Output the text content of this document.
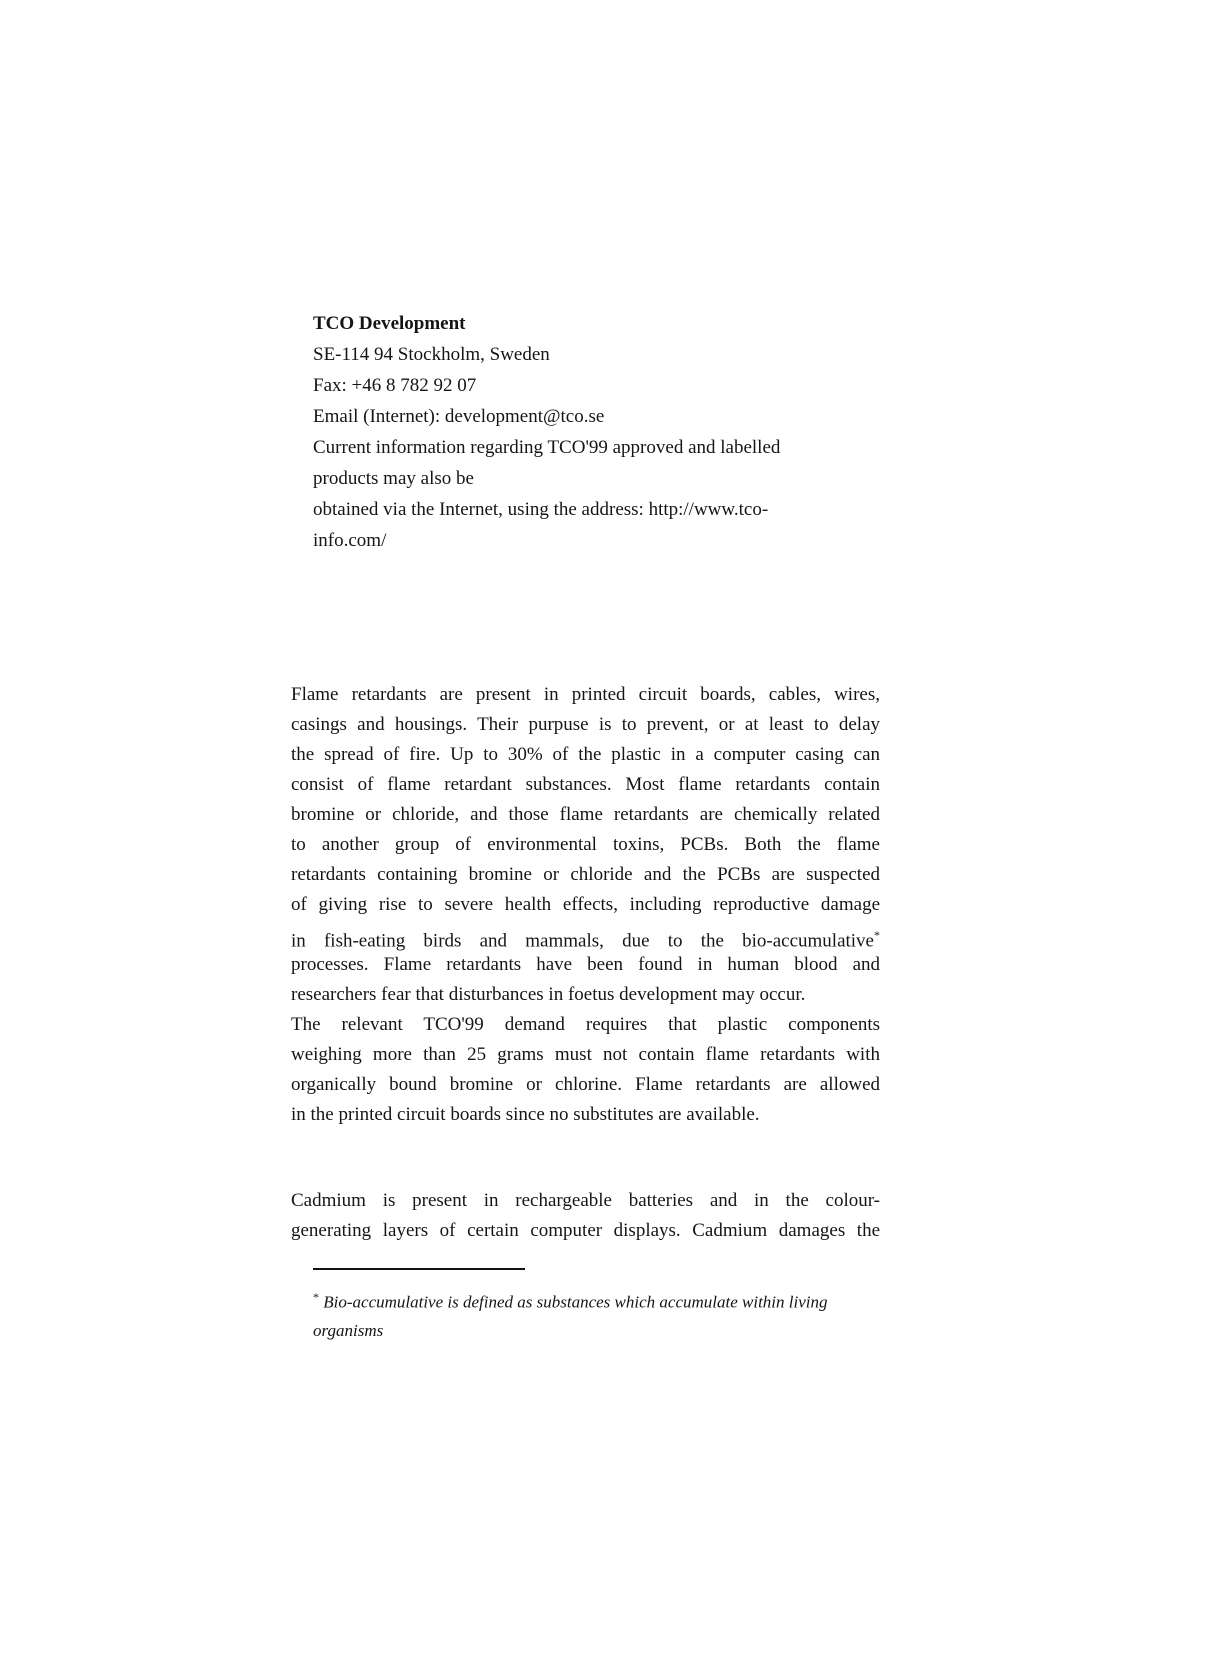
TCO Development
SE-114 94 Stockholm, Sweden
Fax: +46 8 782 92 07
Email (Internet): development@tco.se
Current information regarding TCO'99 approved and labelled
products may also be
obtained via the Internet, using the address: http://www.tco-
info.com/
Flame retardants are present in printed circuit boards, cables, wires,
casings and housings. Their purpuse is to prevent, or at least to delay
the spread of fire. Up to 30% of the plastic in a computer casing can
consist of flame retardant substances. Most flame retardants contain
bromine or chloride, and those flame retardants are chemically related
to another group of environmental toxins, PCBs. Both the flame
retardants containing bromine or chloride and the PCBs are suspected
of giving rise to severe health effects, including reproductive damage
in fish-eating birds and mammals, due to the bio-accumulative*
processes. Flame retardants have been found in human blood and
researchers fear that disturbances in foetus development may occur.
The relevant TCO'99 demand requires that plastic components
weighing more than 25 grams must not contain flame retardants with
organically bound bromine or chlorine. Flame retardants are allowed
in the printed circuit boards since no substitutes are available.
Cadmium is present in rechargeable batteries and in the colour-
generating layers of certain computer displays. Cadmium damages the
* Bio-accumulative is defined as substances which accumulate within living
organisms
